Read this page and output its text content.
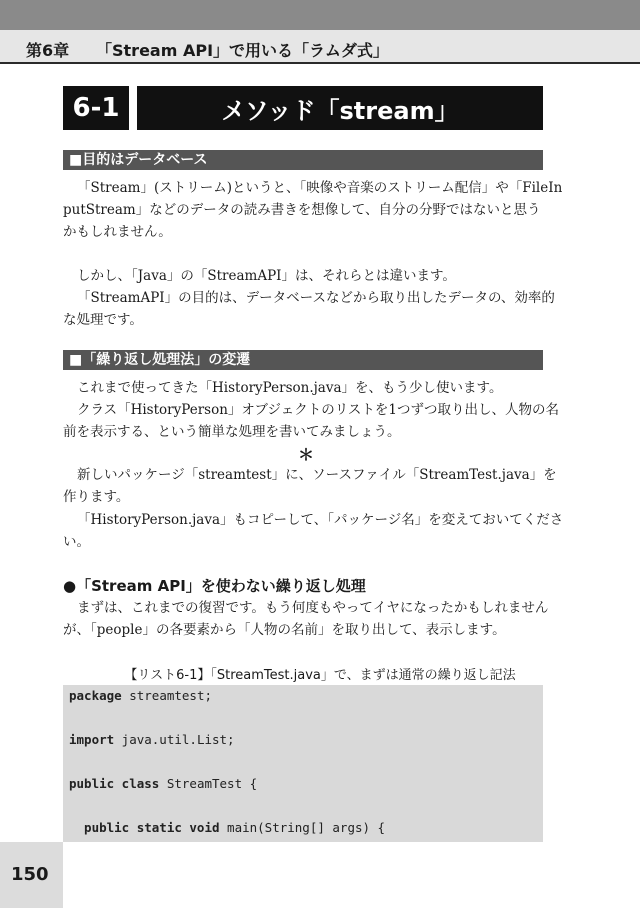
第6章 「Stream API」で用いる「ラムダ式」
6-1	メソッド「stream」
■目的はデータベース
「Stream」(ストリーム)というと、「映像や音楽のストリーム配信」や「FileIn
putStream」などのデータの読み書きを想像して、自分の分野ではないと思う
かもしれません。
しかし、「Java」の「StreamAPI」は、それらとは違います。
「StreamAPI」の目的は、データベースなどから取り出したデータの、効率的
な処理です。
■「繰り返し処理法」の変遷
これまで使ってきた「HistoryPerson.java」を、もう少し使います。
クラス「HistoryPerson」オブジェクトのリストを1つずつ取り出し、人物の名
前を表示する、という簡単な処理を書いてみましょう。
＊
新しいパッケージ「streamtest」に、ソースファイル「StreamTest.java」を
作ります。
「HistoryPerson.java」もコピーして、「パッケージ名」を変えておいてくださ
い。
●「Stream API」を使わない繰り返し処理
まずは、これまでの復習です。もう何度もやってイヤになったかもしれません
が、「people」の各要素から「人物の名前」を取り出して、表示します。
【リスト6-1】「StreamTest.java」で、まずは通常の繰り返し記法
package streamtest;
import java.util.List;
public class StreamTest {
public static void main(String[] args) {
150
